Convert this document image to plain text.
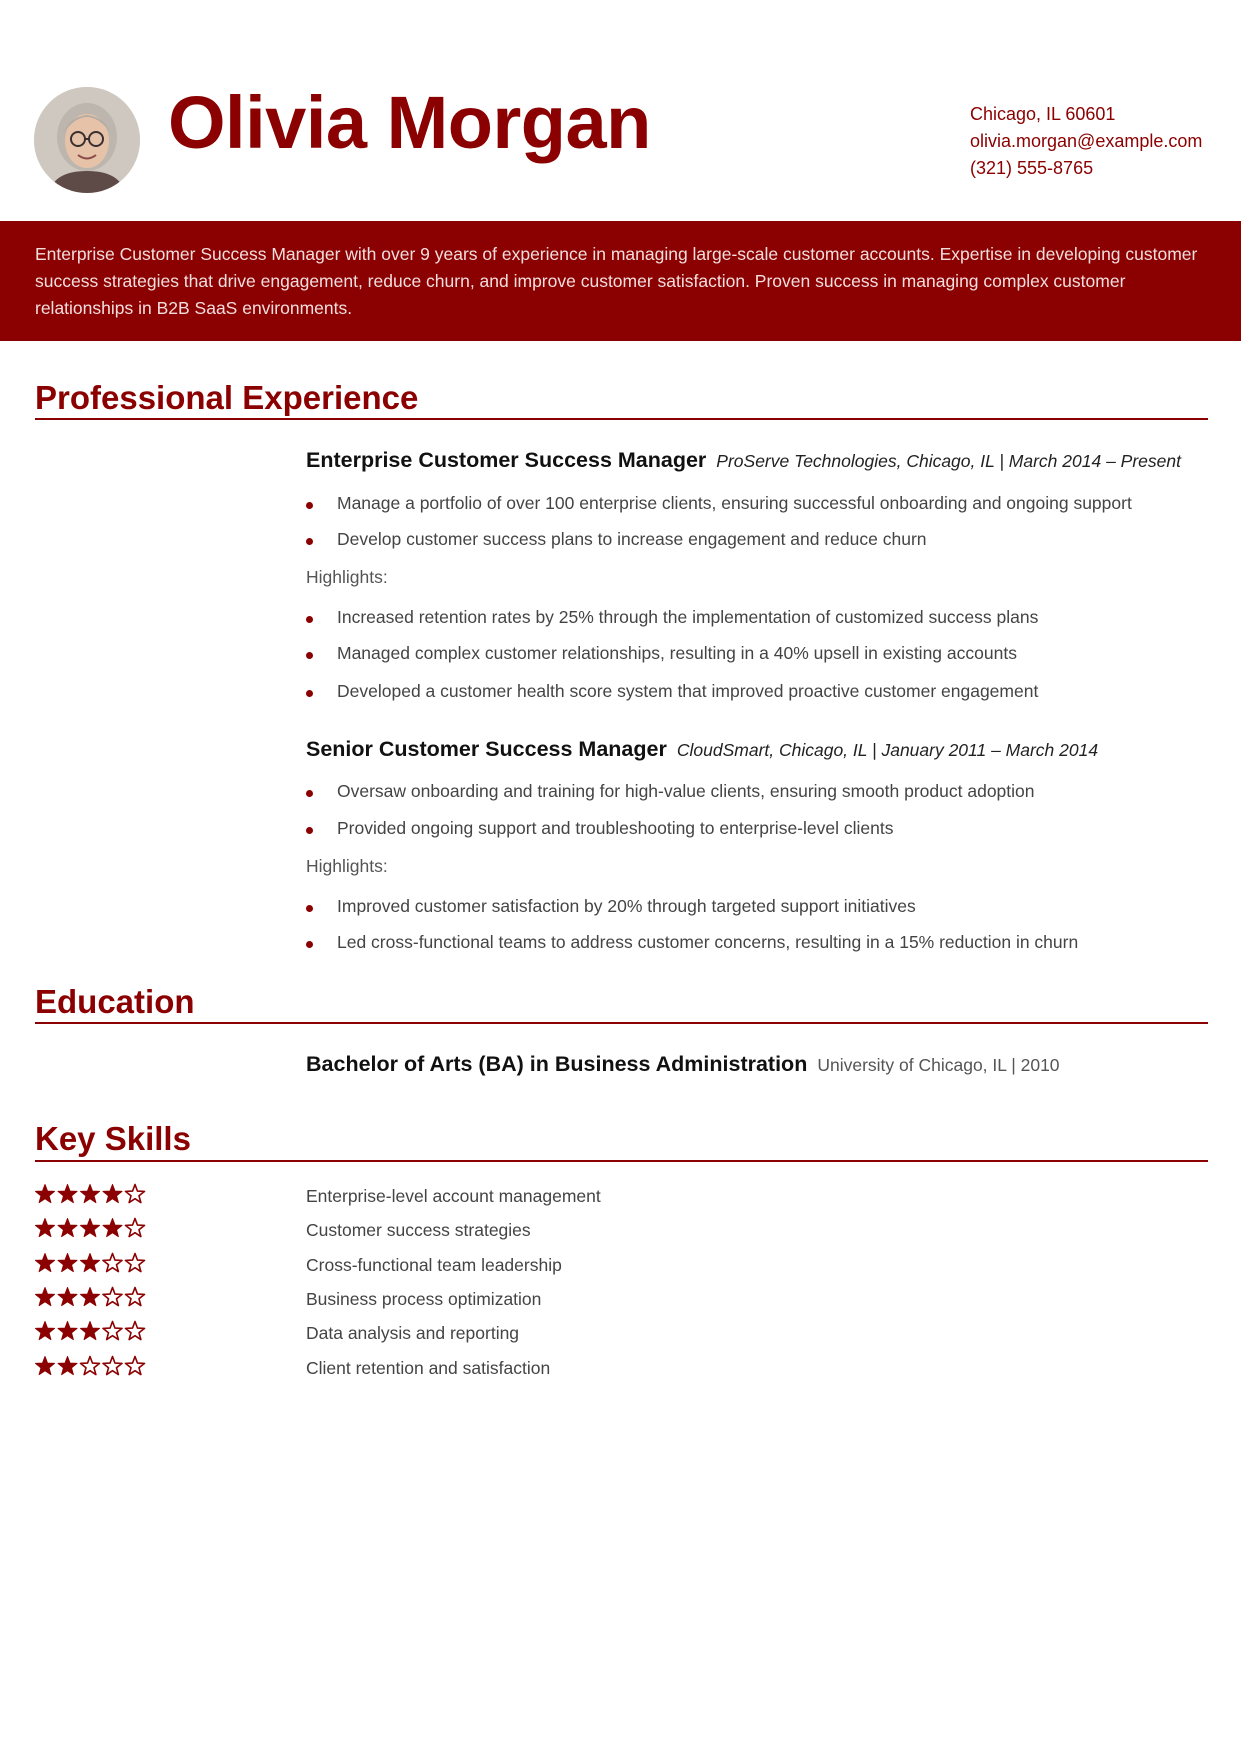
Olivia Morgan	Chicago, IL 60601
olivia.morgan@example.com
(321) 555-8765
Enterprise Customer Success Manager with over 9 years of experience in managing large-scale customer accounts. Expertise in developing customer success strategies that drive engagement, reduce churn, and improve customer satisfaction. Proven success in managing complex customer relationships in B2B SaaS environments.
Professional Experience
Enterprise Customer Success Manager ProServe Technologies, Chicago, IL | March 2014 – Present
Manage a portfolio of over 100 enterprise clients, ensuring successful onboarding and ongoing support
Develop customer success plans to increase engagement and reduce churn
Highlights:
Increased retention rates by 25% through the implementation of customized success plans
Managed complex customer relationships, resulting in a 40% upsell in existing accounts
Developed a customer health score system that improved proactive customer engagement
Senior Customer Success Manager CloudSmart, Chicago, IL | January 2011 – March 2014
Oversaw onboarding and training for high-value clients, ensuring smooth product adoption
Provided ongoing support and troubleshooting to enterprise-level clients
Highlights:
Improved customer satisfaction by 20% through targeted support initiatives
Led cross-functional teams to address customer concerns, resulting in a 15% reduction in churn
Education
Bachelor of Arts (BA) in Business Administration University of Chicago, IL | 2010
Key Skills
Enterprise-level account management
Customer success strategies
Cross-functional team leadership
Business process optimization
Data analysis and reporting
Client retention and satisfaction
